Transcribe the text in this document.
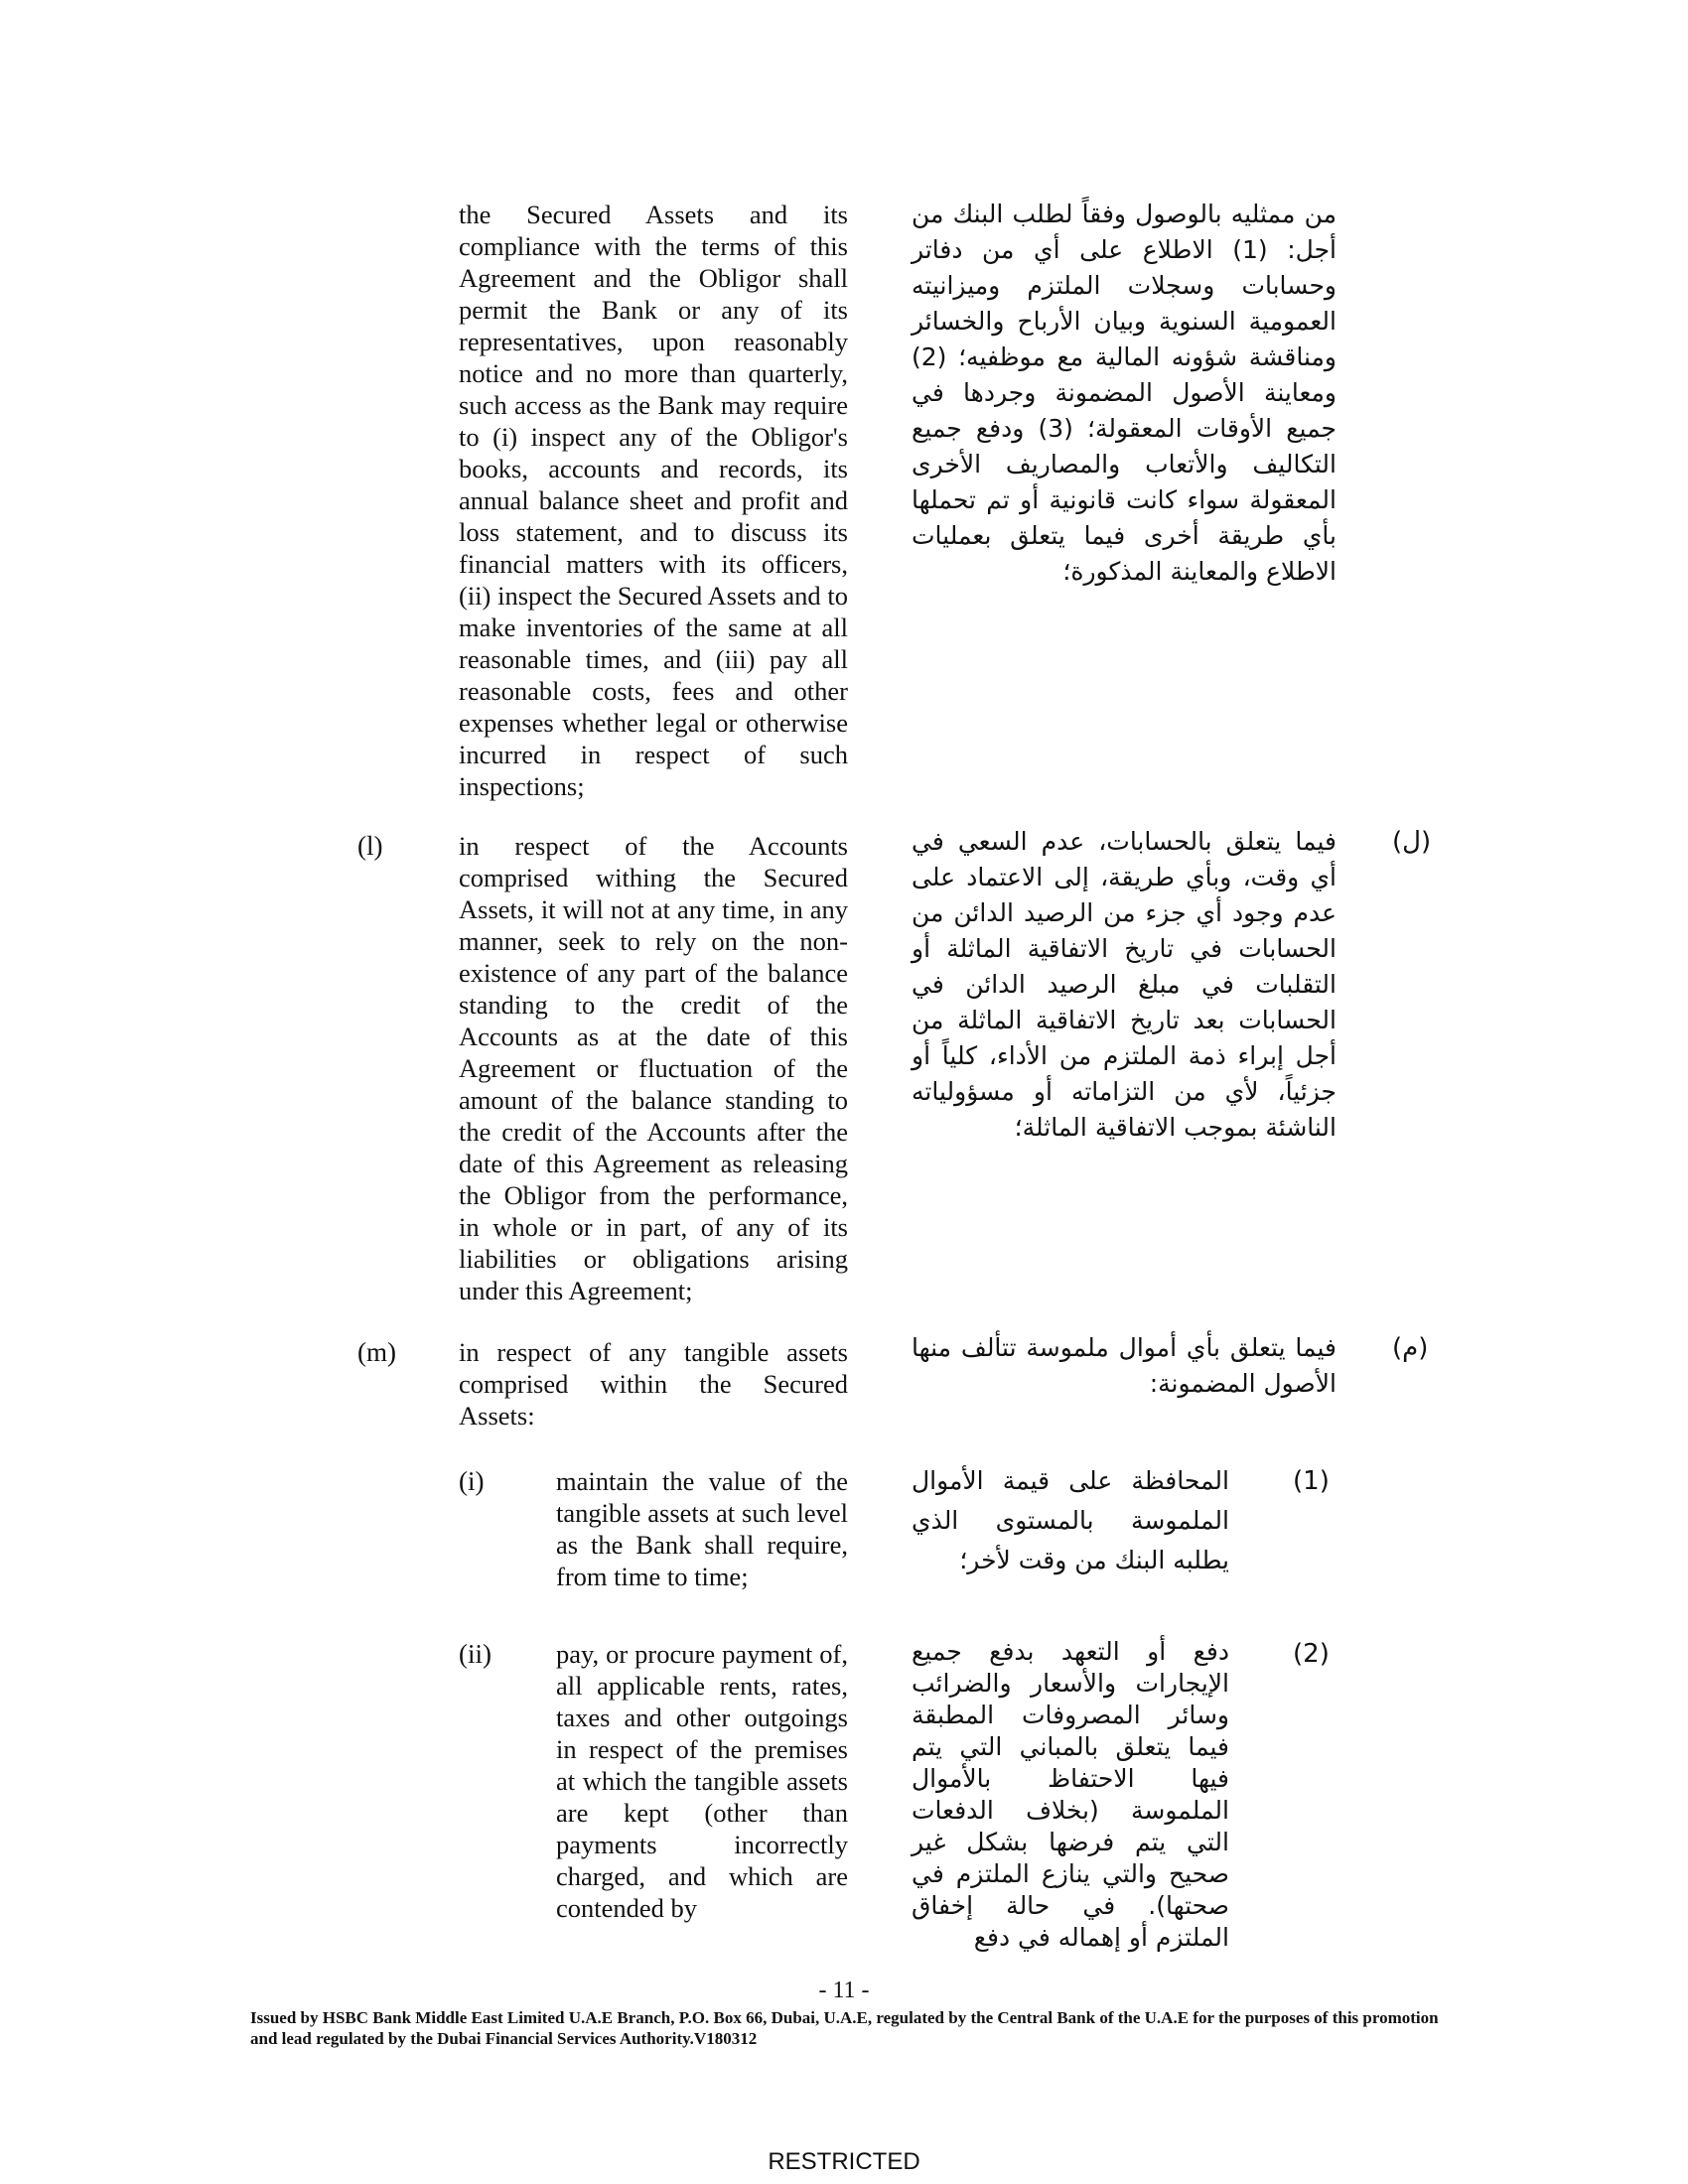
the Secured Assets and its compliance with the terms of this Agreement and the Obligor shall permit the Bank or any of its representatives, upon reasonably notice and no more than quarterly, such access as the Bank may require to (i) inspect any of the Obligor's books, accounts and records, its annual balance sheet and profit and loss statement, and to discuss its financial matters with its officers, (ii) inspect the Secured Assets and to make inventories of the same at all reasonable times, and (iii) pay all reasonable costs, fees and other expenses whether legal or otherwise incurred in respect of such inspections;

من ممثليه بالوصول وفقاً لطلب البنك من أجل: (1) الاطلاع على أي من دفاتر وحسابات وسجلات الملتزم وميزانيته العمومية السنوية وبيان الأرباح والخسائر ومناقشة شؤونه المالية مع موظفيه؛ (2) ومعاينة الأصول المضمونة وجردها في جميع الأوقات المعقولة؛ (3) ودفع جميع التكاليف والأتعاب والمصاريف الأخرى المعقولة سواء كانت قانونية أو تم تحملها بأي طريقة أخرى فيما يتعلق بعمليات الاطلاع والمعاينة المذكورة؛

(l)	in respect of the Accounts comprised withing the Secured Assets, it will not at any time, in any manner, seek to rely on the non-existence of any part of the balance standing to the credit of the Accounts as at the date of this Agreement or fluctuation of the amount of the balance standing to the credit of the Accounts after the date of this Agreement as releasing the Obligor from the performance, in whole or in part, of any of its liabilities or obligations arising under this Agreement;

فيما يتعلق بالحسابات، عدم السعي في أي وقت، وبأي طريقة، إلى الاعتماد على عدم وجود أي جزء من الرصيد الدائن من الحسابات في تاريخ الاتفاقية الماثلة أو التقلبات في مبلغ الرصيد الدائن في الحسابات بعد تاريخ الاتفاقية الماثلة من أجل إبراء ذمة الملتزم من الأداء، كلياً أو جزئياً، لأي من التزاماته أو مسؤولياته الناشئة بموجب الاتفاقية الماثلة؛

(ل)
(m) in respect of any tangible assets comprised within the Secured Assets:

فيما يتعلق بأي أموال ملموسة تتألف منها الأصول المضمونة:

(م)
(i)	maintain the value of the tangible assets at such level as the Bank shall require, from time to time;

المحافظة على قيمة الأموال الملموسة بالمستوى الذي يطلبه البنك من وقت لأخر؛

(1)
(ii) pay, or procure payment of, all applicable rents, rates, taxes and other outgoings in respect of the premises at which the tangible assets are kept (other than payments incorrectly charged, and which are contended by

دفع أو التعهد بدفع جميع الإيجارات والأسعار والضرائب وسائر المصروفات المطبقة فيما يتعلق بالمباني التي يتم فيها الاحتفاظ بالأموال الملموسة (بخلاف الدفعات التي يتم فرضها بشكل غير صحيح والتي ينازع الملتزم في صحتها). في حالة إخفاق الملتزم أو إهماله في دفع

(2)
- 11 -
Issued by HSBC Bank Middle East Limited U.A.E Branch, P.O. Box 66, Dubai, U.A.E, regulated by the Central Bank of the U.A.E for the purposes of this promotion and lead regulated by the Dubai Financial Services Authority.V180312
RESTRICTED
